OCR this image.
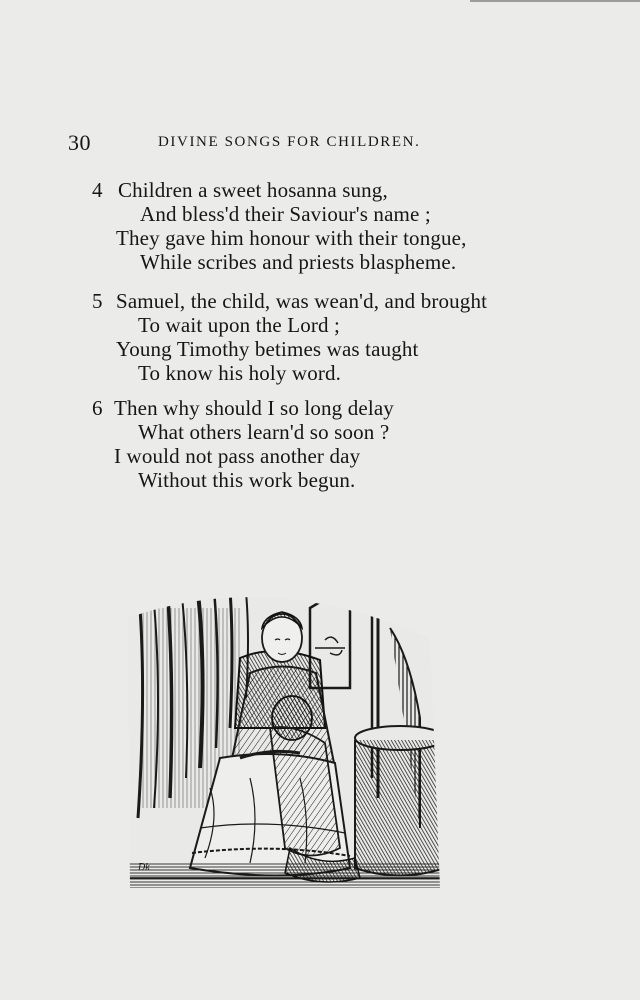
30	DIVINE SONGS FOR CHILDREN.
4 Children a sweet hosanna sung,
And bless'd their Saviour's name ;
They gave him honour with their tongue,
While scribes and priests blaspheme.
5 Samuel, the child, was wean'd, and brought
To wait upon the Lord ;
Young Timothy betimes was taught
To know his holy word.
6 Then why should I so long delay
What others learn'd so soon ?
I would not pass another day
Without this work begun.
Dk
